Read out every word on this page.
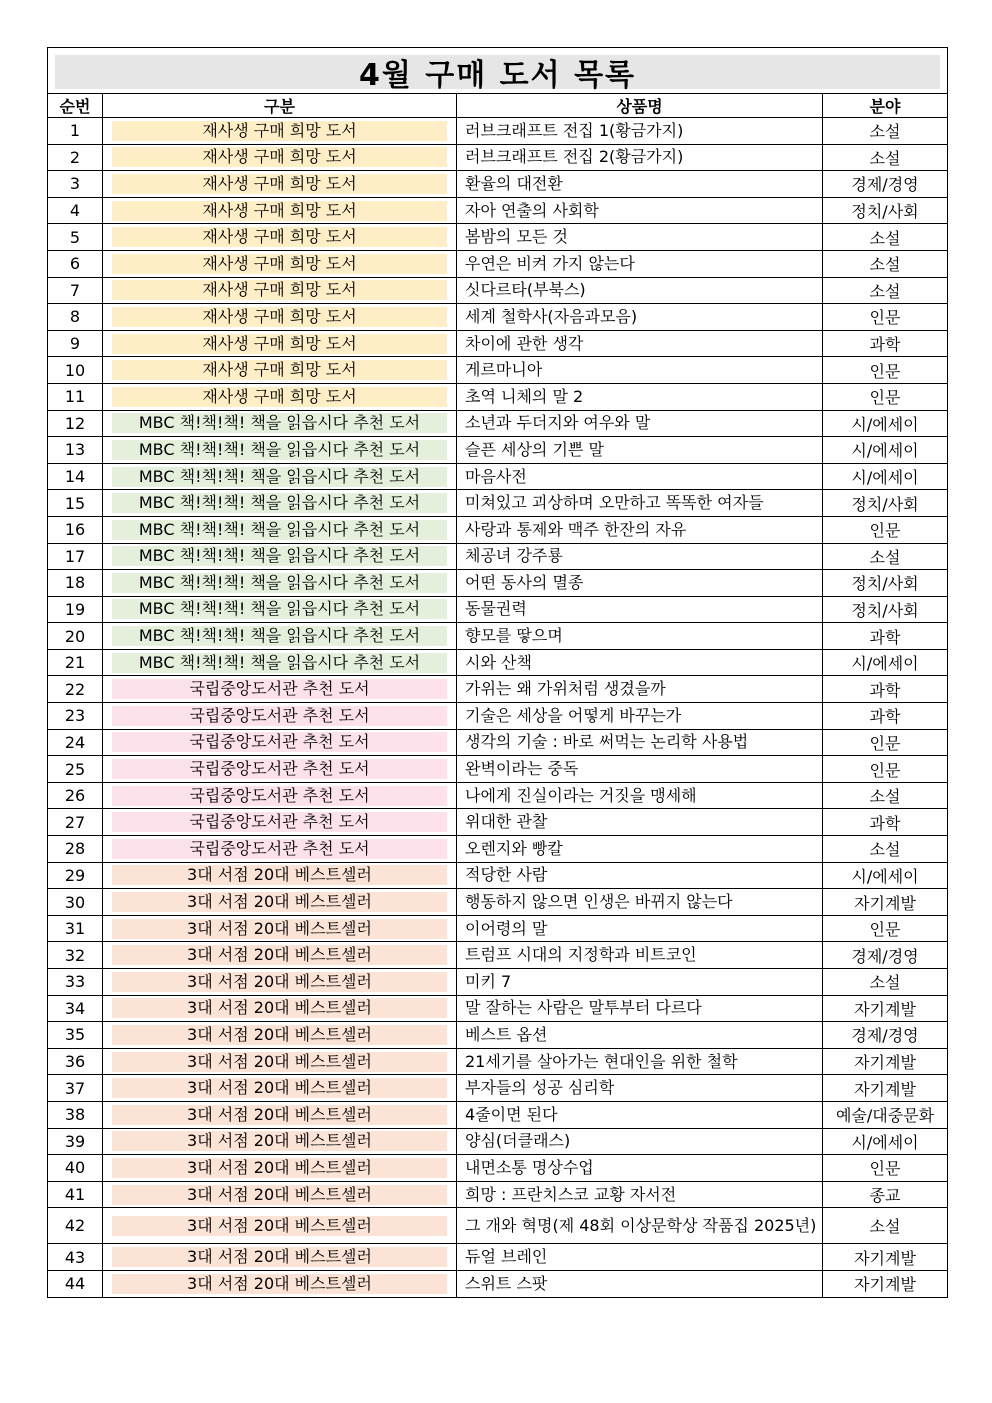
4월 구매 도서 목록			

순번	구분	상품명	분야
1	재사생 구매 희망 도서	러브크래프트 전집 1(황금가지)	소설
2	재사생 구매 희망 도서	러브크래프트 전집 2(황금가지)	소설
3	재사생 구매 희망 도서	환율의 대전환	경제/경영
4	재사생 구매 희망 도서	자아 연출의 사회학	정치/사회
5	재사생 구매 희망 도서	봄밤의 모든 것	소설
6	재사생 구매 희망 도서	우연은 비켜 가지 않는다	소설
7	재사생 구매 희망 도서	싯다르타(부북스)	소설
8	재사생 구매 희망 도서	세계 철학사(자음과모음)	인문
9	재사생 구매 희망 도서	차이에 관한 생각	과학
10	재사생 구매 희망 도서	게르마니아	인문
11	재사생 구매 희망 도서	초역 니체의 말 2	인문
12	MBC 책!책!책! 책을 읽읍시다 추천 도서	소년과 두더지와 여우와 말	시/에세이
13	MBC 책!책!책! 책을 읽읍시다 추천 도서	슬픈 세상의 기쁜 말	시/에세이
14	MBC 책!책!책! 책을 읽읍시다 추천 도서	마음사전	시/에세이
15	MBC 책!책!책! 책을 읽읍시다 추천 도서	미쳐있고 괴상하며 오만하고 똑똑한 여자들	정치/사회
16	MBC 책!책!책! 책을 읽읍시다 추천 도서	사랑과 통제와 맥주 한잔의 자유	인문
17	MBC 책!책!책! 책을 읽읍시다 추천 도서	체공녀 강주룡	소설
18	MBC 책!책!책! 책을 읽읍시다 추천 도서	어떤 동사의 멸종	정치/사회
19	MBC 책!책!책! 책을 읽읍시다 추천 도서	동물권력	정치/사회
20	MBC 책!책!책! 책을 읽읍시다 추천 도서	향모를 땋으며	과학
21	MBC 책!책!책! 책을 읽읍시다 추천 도서	시와 산책	시/에세이
22	국립중앙도서관 추천 도서	가위는 왜 가위처럼 생겼을까	과학
23	국립중앙도서관 추천 도서	기술은 세상을 어떻게 바꾸는가	과학
24	국립중앙도서관 추천 도서	생각의 기술 : 바로 써먹는 논리학 사용법	인문
25	국립중앙도서관 추천 도서	완벽이라는 중독	인문
26	국립중앙도서관 추천 도서	나에게 진실이라는 거짓을 맹세해	소설
27	국립중앙도서관 추천 도서	위대한 관찰	과학
28	국립중앙도서관 추천 도서	오렌지와 빵칼	소설
29	3대 서점 20대 베스트셀러	적당한 사람	시/에세이
30	3대 서점 20대 베스트셀러	행동하지 않으면 인생은 바뀌지 않는다	자기계발
31	3대 서점 20대 베스트셀러	이어령의 말	인문
32	3대 서점 20대 베스트셀러	트럼프 시대의 지정학과 비트코인	경제/경영
33	3대 서점 20대 베스트셀러	미키 7	소설
34	3대 서점 20대 베스트셀러	말 잘하는 사람은 말투부터 다르다	자기계발
35	3대 서점 20대 베스트셀러	베스트 옵션	경제/경영
36	3대 서점 20대 베스트셀러	21세기를 살아가는 현대인을 위한 철학	자기계발
37	3대 서점 20대 베스트셀러	부자들의 성공 심리학	자기계발
38	3대 서점 20대 베스트셀러	4줄이면 된다	예술/대중문화
39	3대 서점 20대 베스트셀러	양심(더클래스)	시/에세이
40	3대 서점 20대 베스트셀러	내면소통 명상수업	인문
41	3대 서점 20대 베스트셀러	희망 : 프란치스코 교황 자서전	종교
42	3대 서점 20대 베스트셀러	그 개와 혁명(제 48회 이상문학상 작품집 2025년)	소설
43	3대 서점 20대 베스트셀러	듀얼 브레인	자기계발
44	3대 서점 20대 베스트셀러	스위트 스팟	자기계발
